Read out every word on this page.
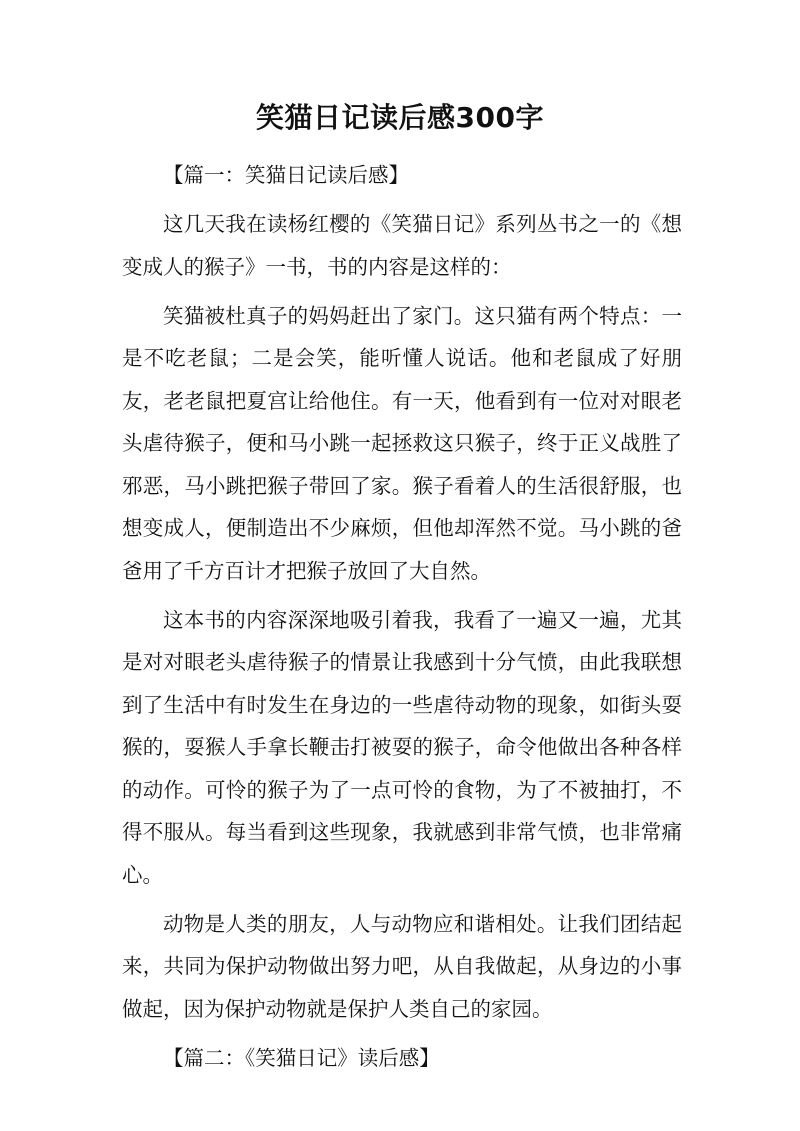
笑猫日记读后感300字

【篇一：笑猫日记读后感】

这几天我在读杨红樱的《笑猫日记》系列丛书之一的《想变成人的猴子》一书，书的内容是这样的：

笑猫被杜真子的妈妈赶出了家门。这只猫有两个特点：一是不吃老鼠；二是会笑，能听懂人说话。他和老鼠成了好朋友，老老鼠把夏宫让给他住。有一天，他看到有一位对对眼老头虐待猴子，便和马小跳一起拯救这只猴子，终于正义战胜了邪恶，马小跳把猴子带回了家。猴子看着人的生活很舒服，也想变成人，便制造出不少麻烦，但他却浑然不觉。马小跳的爸爸用了千方百计才把猴子放回了大自然。

这本书的内容深深地吸引着我，我看了一遍又一遍，尤其是对对眼老头虐待猴子的情景让我感到十分气愤，由此我联想到了生活中有时发生在身边的一些虐待动物的现象，如街头耍猴的，耍猴人手拿长鞭击打被耍的猴子，命令他做出各种各样的动作。可怜的猴子为了一点可怜的食物，为了不被抽打，不得不服从。每当看到这些现象，我就感到非常气愤，也非常痛心。

动物是人类的朋友，人与动物应和谐相处。让我们团结起来，共同为保护动物做出努力吧，从自我做起，从身边的小事做起，因为保护动物就是保护人类自己的家园。

【篇二：《笑猫日记》读后感】
